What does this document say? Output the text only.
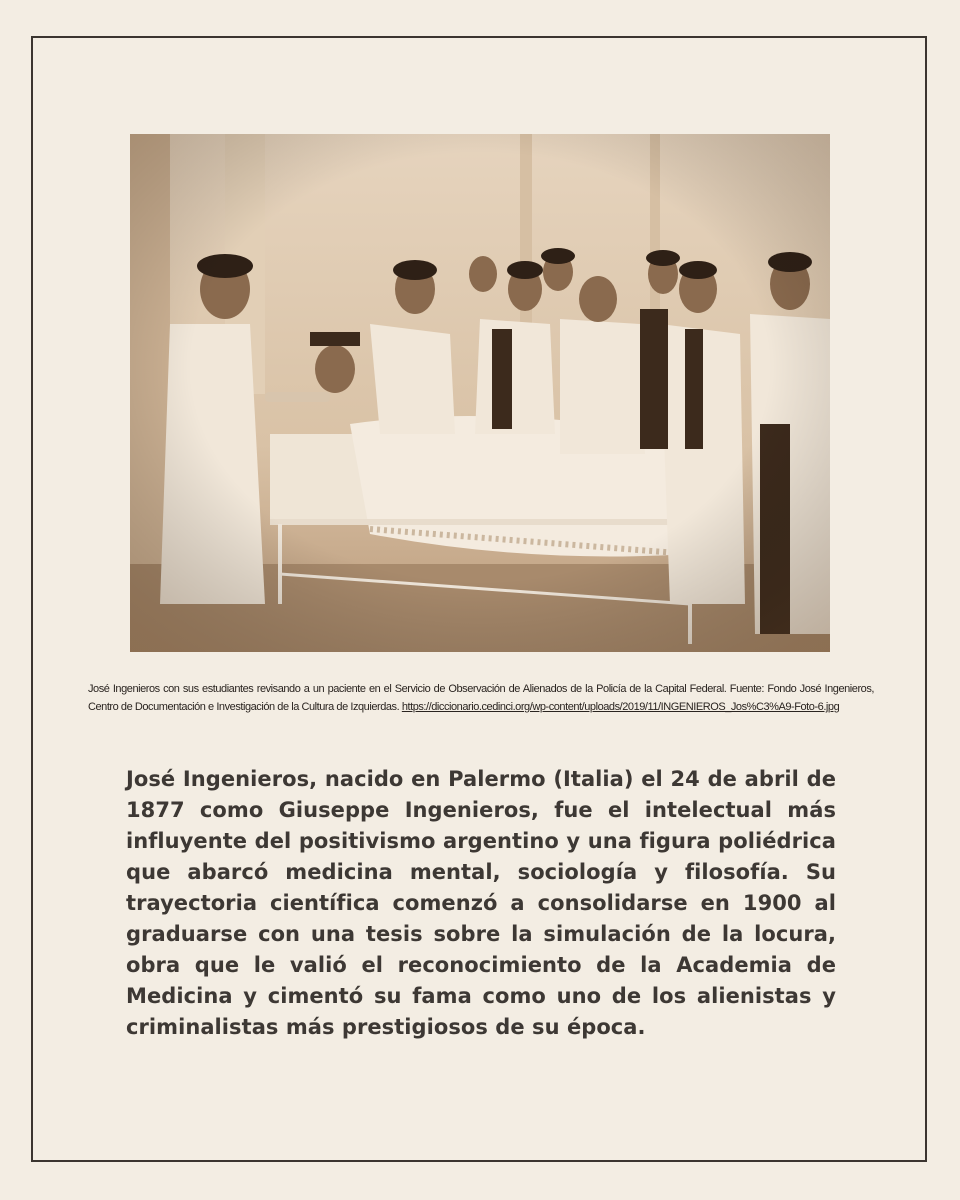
José Ingenieros con sus estudiantes revisando a un paciente en el Servicio de Observación de Alienados de la Policía de la Capital Federal. Fuente: Fondo José Ingenieros, Centro de Documentación e Investigación de la Cultura de Izquierdas. https://diccionario.cedinci.org/wp-content/uploads/2019/11/INGENIEROS_Jos%C3%A9-Foto-6.jpg
José Ingenieros, nacido en Palermo (Italia) el 24 de abril de 1877 como Giuseppe Ingenieros, fue el intelectual más influyente del positivismo argentino y una figura poliédrica que abarcó medicina mental, sociología y filosofía. Su trayectoria científica comenzó a consolidarse en 1900 al graduarse con una tesis sobre la simulación de la locura, obra que le valió el reconocimiento de la Academia de Medicina y cimentó su fama como uno de los alienistas y criminalistas más prestigiosos de su época.
